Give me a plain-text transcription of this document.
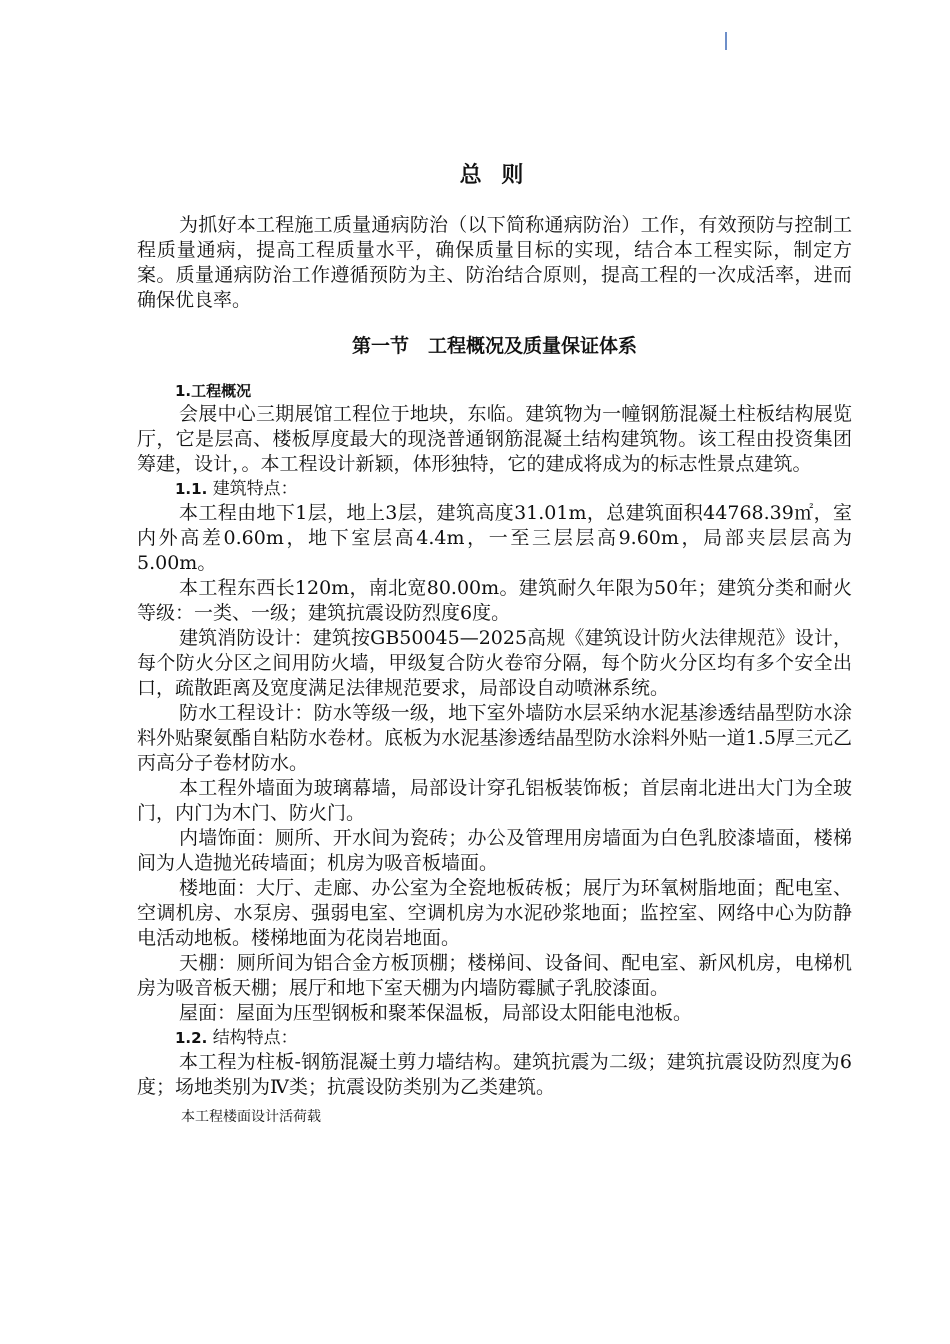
总 则

为抓好本工程施工质量通病防治（以下简称通病防治）工作，有效预防与控制工程质量通病，提高工程质量水平，确保质量目标的实现，结合本工程实际，制定方案。质量通病防治工作遵循预防为主、防治结合原则，提高工程的一次成活率，进而确保优良率。

第一节　工程概况及质量保证体系
1.工程概况

会展中心三期展馆工程位于地块，东临。建筑物为一幢钢筋混凝土柱板结构展览厅，它是层高、楼板厚度最大的现浇普通钢筋混凝土结构建筑物。该工程由投资集团筹建，设计，。本工程设计新颖，体形独特，它的建成将成为的标志性景点建筑。

1.1. 建筑特点：

本工程由地下1层，地上3层，建筑高度31.01m，总建筑面积44768.39㎡，室内外高差0.60m，地下室层高4.4m，一至三层层高9.60m，局部夹层层高为5.00m。

本工程东西长120m，南北宽80.00m。建筑耐久年限为50年；建筑分类和耐火等级：一类、一级；建筑抗震设防烈度6度。

建筑消防设计：建筑按GB50045—2025高规《建筑设计防火法律规范》设计，每个防火分区之间用防火墙，甲级复合防火卷帘分隔，每个防火分区均有多个安全出口，疏散距离及宽度满足法律规范要求，局部设自动喷淋系统。

防水工程设计：防水等级一级，地下室外墙防水层采纳水泥基渗透结晶型防水涂料外贴聚氨酯自粘防水卷材。底板为水泥基渗透结晶型防水涂料外贴一道1.5厚三元乙丙高分子卷材防水。

本工程外墙面为玻璃幕墙，局部设计穿孔铝板装饰板；首层南北进出大门为全玻门，内门为木门、防火门。

内墙饰面：厕所、开水间为瓷砖；办公及管理用房墙面为白色乳胶漆墙面，楼梯间为人造抛光砖墙面；机房为吸音板墙面。

楼地面：大厅、走廊、办公室为全瓷地板砖板；展厅为环氧树脂地面；配电室、空调机房、水泵房、强弱电室、空调机房为水泥砂浆地面；监控室、网络中心为防静电活动地板。楼梯地面为花岗岩地面。

天棚：厕所间为铝合金方板顶棚；楼梯间、设备间、配电室、新风机房，电梯机房为吸音板天棚；展厅和地下室天棚为内墙防霉腻子乳胶漆面。

屋面：屋面为压型钢板和聚苯保温板，局部设太阳能电池板。

1.2. 结构特点：

本工程为柱板-钢筋混凝土剪力墙结构。建筑抗震为二级；建筑抗震设防烈度为6度；场地类别为Ⅳ类；抗震设防类别为乙类建筑。

本工程楼面设计活荷载
